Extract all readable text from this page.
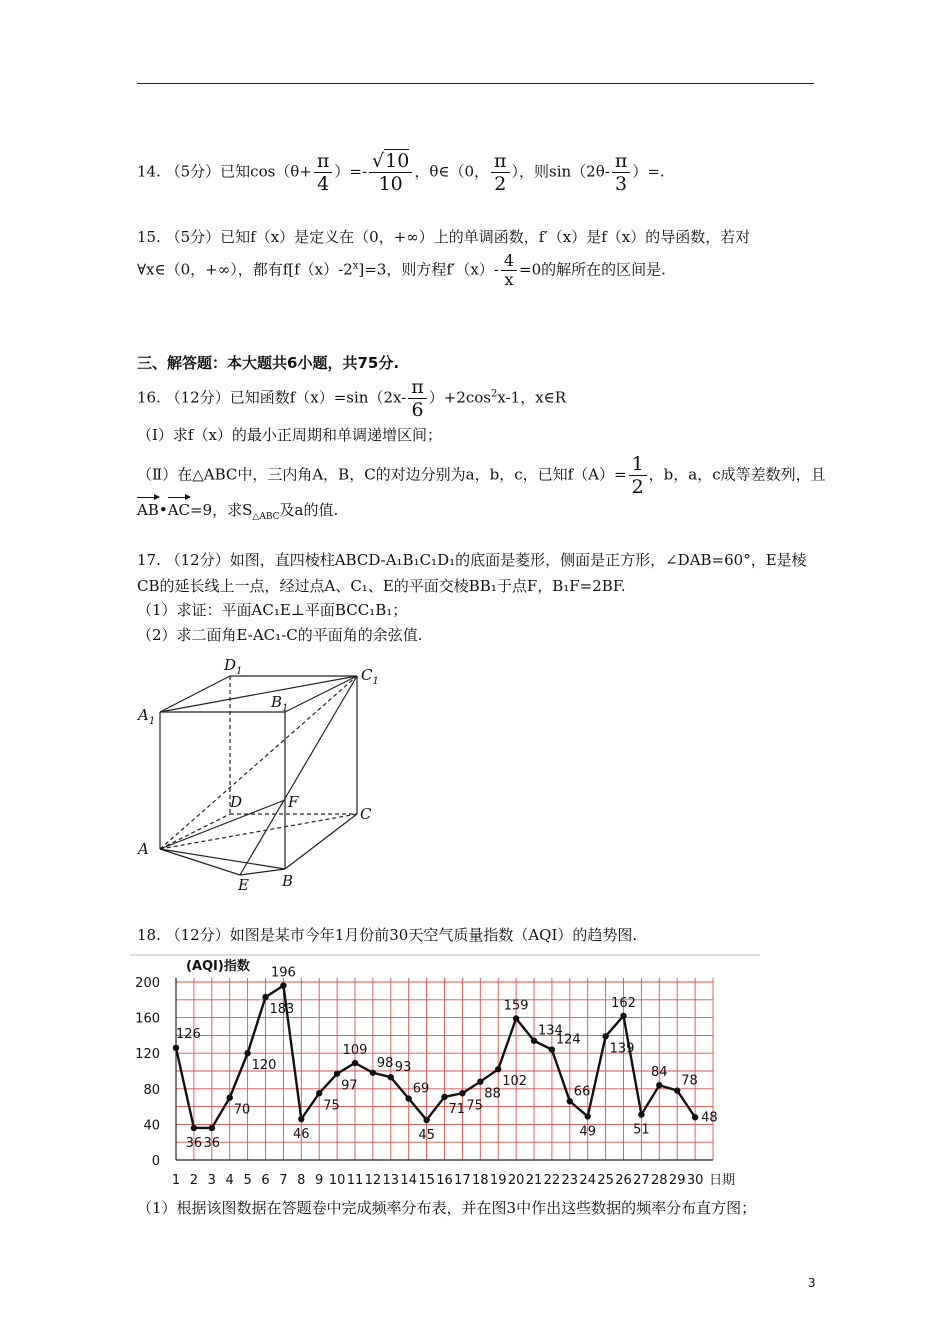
14. （5分）已知$\cos(\theta+ \frac{\pi}{4}$ ）=- $\frac{√10}{10}$ ，θ∈（0， $\frac{\pi}{2}$ ），则$\sin(2\theta- \frac{\pi}{3}$ ）=.
15. （5分）已知f（x）是定义在（0，+∞）上的单调函数，f′（x）是f（x）的导函数，若对
∀x∈（0，+∞），都有$f[f(x)-2^x]=3$，则方程$f'(x)- \frac{4}{x} =0$的解所在的区间是.
三、解答题：本大题共6小题，共75分.
16. （12分）已知函数$f(x)=\sin(2x- \frac{\pi}{6} )+2\cos^2x-1$，x∈R
（Ⅰ）求f（x）的最小正周期和单调递增区间；
（Ⅱ）在△ABC中，三内角A，B，C的对边分别为a，b，c，已知$f(A)= \frac{1}{2}$ ，b，a，c成等差数列，且
AB•AC=9，求$S_{\triangle ABC}$及a的值.
17. （12分）如图，直四棱柱ABCD-A₁B₁C₁D₁的底面是菱形，侧面是正方形，∠DAB=60°，E是棱
CB的延长线上一点，经过点A、C₁、E的平面交棱BB₁于点F，B₁F=2BF.
（1）求证：平面AC₁E⊥平面BCC₁B₁；
（2）求二面角E-AC₁-C的平面角的余弦值.
$D_1$	$C_1$
$A_1$
$B_1$
D	F
C
A
B
E
18. （12分）如图是某市今年1月份前30天空气质量指数（AQI）的趋势图.
0
40
80
120
160
200
1 2 3 4 5 6 7 8 9 10 11 12 13 14 15 16 17 18 19 20 21 22 23 24 25 26 27 28 29 30
(AQI)指数
日期
126
36 36
70
120
183
196
46
75
97
109
98 93
69
45
71 75
88
102
159
134
124
66
49
139
162
51
84
78
48
（1）根据该图数据在答题卷中完成频率分布表，并在图3中作出这些数据的频率分布直方图；
3
